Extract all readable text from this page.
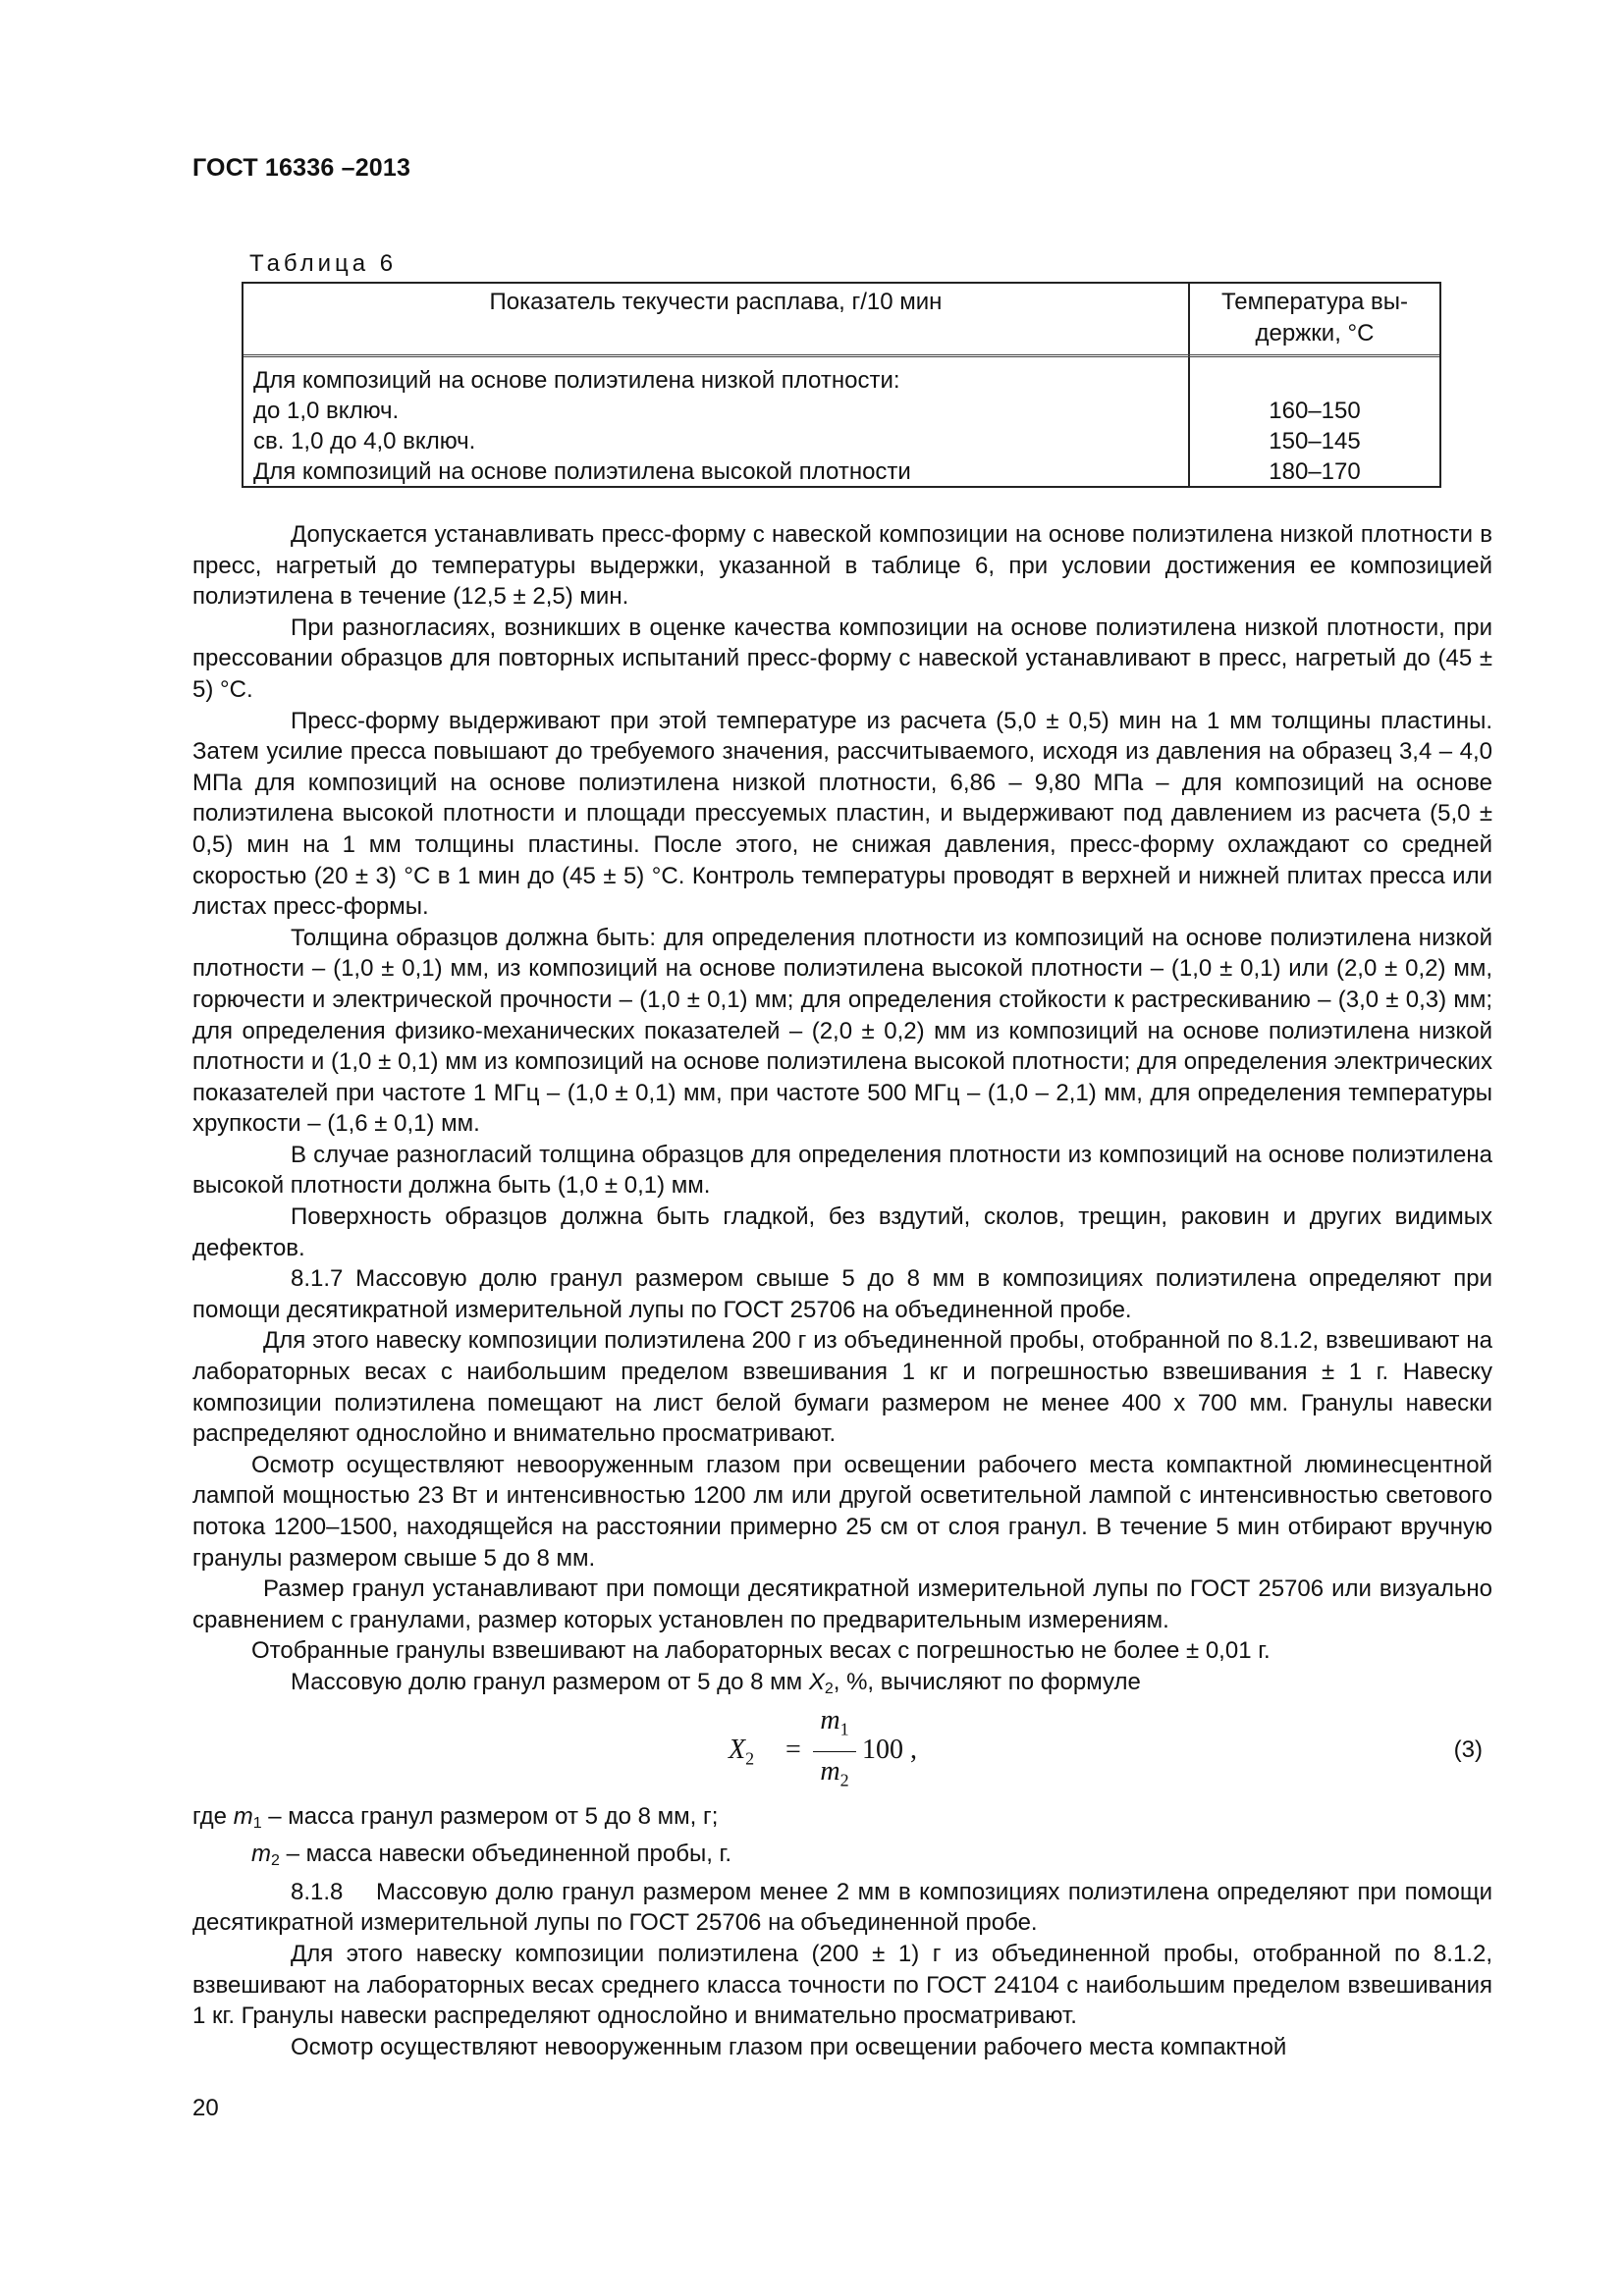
ГОСТ 16336 –2013
Таблица 6
Показатель текучести расплава, г/10 мин	Температура вы-
держки, °С
Для композиций на основе полиэтилена низкой плотности:
до 1,0 включ.	160–150
св. 1,0 до 4,0 включ.	150–145
Для композиций на основе полиэтилена высокой плотности	180–170

Допускается устанавливать пресс-форму с навеской композиции на основе полиэтилена низкой плотности в пресс, нагретый до температуры выдержки, указанной в таблице 6, при условии достижения ее композицией полиэтилена в течение (12,5 ± 2,5) мин.

При разногласиях, возникших в оценке качества композиции на основе полиэтилена низкой плотности, при прессовании образцов для повторных испытаний пресс-форму с навеской устанавливают в пресс, нагретый до (45 ± 5) °С.

Пресс-форму выдерживают при этой температуре из расчета (5,0 ± 0,5) мин на 1 мм толщины пластины. Затем усилие пресса повышают до требуемого значения, рассчитываемого, исходя из давления на образец 3,4 – 4,0 МПа для композиций на основе полиэтилена низкой плотности, 6,86 – 9,80 МПа – для композиций на основе полиэтилена высокой плотности и площади прессуемых пластин, и выдерживают под давлением из расчета (5,0 ± 0,5) мин на 1 мм толщины пластины. После этого, не снижая давления, пресс-форму охлаждают со средней скоростью (20 ± 3) °С в 1 мин до (45 ± 5) °С. Контроль температуры проводят в верхней и нижней плитах пресса или листах пресс-формы.

Толщина образцов должна быть: для определения плотности из композиций на основе полиэтилена низкой плотности – (1,0 ± 0,1) мм, из композиций на основе полиэтилена высокой плотности – (1,0 ± 0,1) или (2,0 ± 0,2) мм, горючести и электрической прочности – (1,0 ± 0,1) мм; для определения стойкости к растрескиванию – (3,0 ± 0,3) мм; для определения физико-механических показателей – (2,0 ± 0,2) мм из композиций на основе полиэтилена низкой плотности и (1,0 ± 0,1) мм из композиций на основе полиэтилена высокой плотности; для определения электрических показателей при частоте 1 МГц – (1,0 ± 0,1) мм, при частоте 500 МГц – (1,0 – 2,1) мм, для определения температуры хрупкости – (1,6 ± 0,1) мм.

В случае разногласий толщина образцов для определения плотности из композиций на основе полиэтилена высокой плотности должна быть (1,0 ± 0,1) мм.

Поверхность образцов должна быть гладкой, без вздутий, сколов, трещин, раковин и других видимых дефектов.

8.1.7 Массовую долю гранул размером свыше 5 до 8 мм в композициях полиэтилена определяют при помощи десятикратной измерительной лупы по ГОСТ 25706 на объединенной пробе.

Для этого навеску композиции полиэтилена 200 г из объединенной пробы, отобранной по 8.1.2, взвешивают на лабораторных весах с наибольшим пределом взвешивания 1 кг и погрешностью взвешивания ± 1 г. Навеску композиции полиэтилена помещают на лист белой бумаги размером не менее 400 х 700 мм. Гранулы навески распределяют однослойно и внимательно просматривают.

Осмотр осуществляют невооруженным глазом при освещении рабочего места компактной люминесцентной лампой мощностью 23 Вт и интенсивностью 1200 лм или другой осветительной лампой с интенсивностью светового потока 1200–1500, находящейся на расстоянии примерно 25 см от слоя гранул. В течение 5 мин отбирают вручную гранулы размером свыше 5 до 8 мм.

Размер гранул устанавливают при помощи десятикратной измерительной лупы по ГОСТ 25706 или визуально сравнением с гранулами, размер которых установлен по предварительным измерениям.

Отобранные гранулы взвешивают на лабораторных весах с погрешностью не более ± 0,01 г.

Массовую долю гранул размером от 5 до 8 мм $X_2$, %, вычисляют по формуле

$X_2$ =
$m_1$
$m_2$
100 ,	(3)

где $m_1$ – масса гранул размером от 5 до 8 мм, г;

$m_2$ – масса навески объединенной пробы, г.

8.1.8    Массовую долю гранул размером менее 2 мм в композициях полиэтилена определяют при помощи десятикратной измерительной лупы по ГОСТ 25706 на объединенной пробе.

Для этого навеску композиции полиэтилена (200 ± 1) г из объединенной пробы, отобранной по 8.1.2, взвешивают на лабораторных весах среднего класса точности по ГОСТ 24104 с наибольшим пределом взвешивания 1 кг. Гранулы навески распределяют однослойно и внимательно просматривают.

Осмотр осуществляют невооруженным глазом при освещении рабочего места компактной

20
